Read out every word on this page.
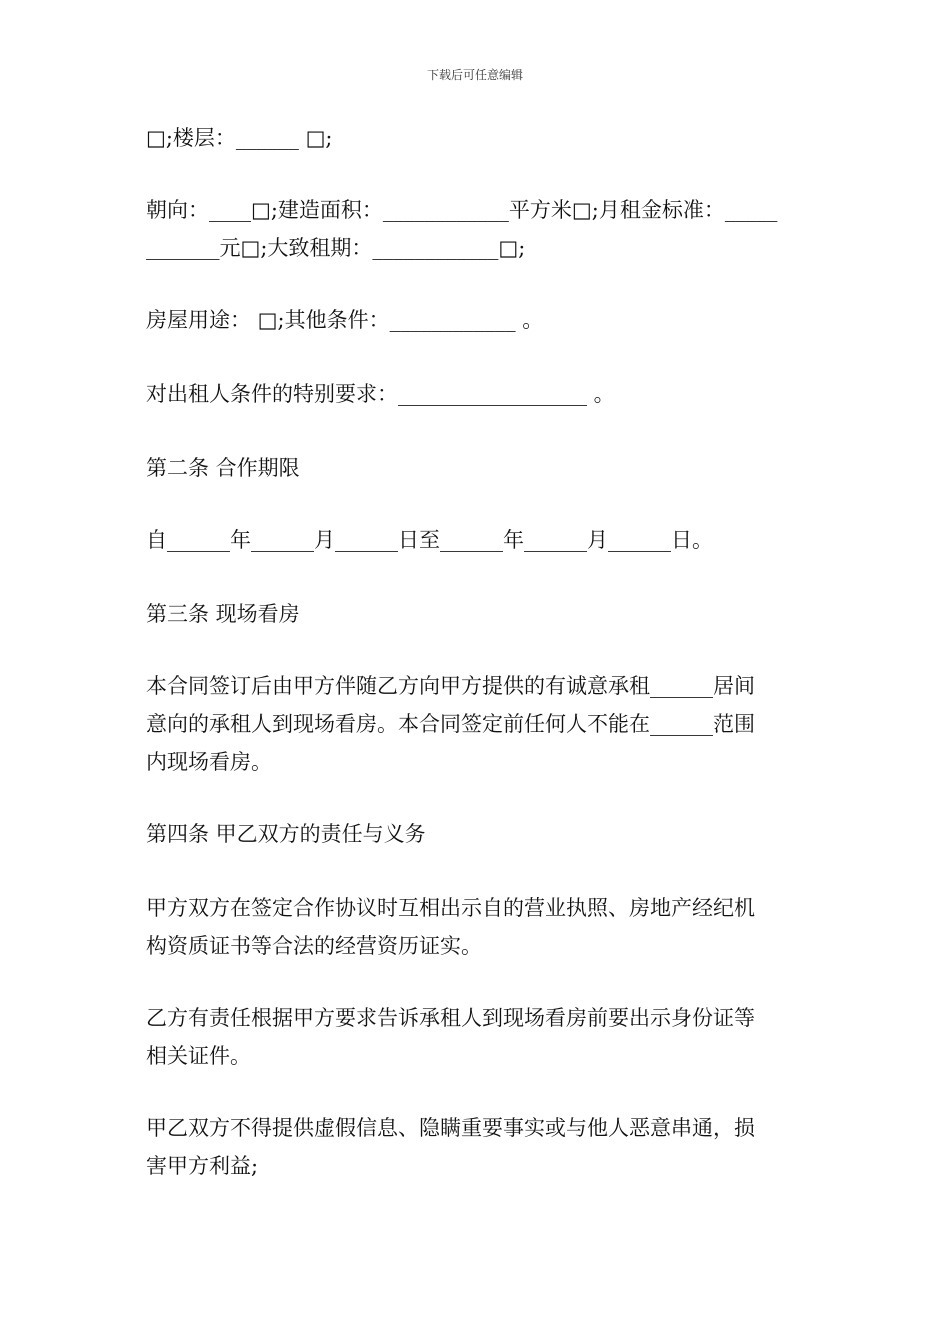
下载后可任意编辑
□;楼层：______ □;
朝向：____□;建造面积：____________平方米□;月租金标准：_____
_______元□;大致租期：____________□;
房屋用途： □;其他条件：____________ 。
对出租人条件的特别要求：__________________ 。
第二条 合作期限
自______年______月______日至______年______月______日。
第三条 现场看房
本合同签订后由甲方伴随乙方向甲方提供的有诚意承租______居间
意向的承租人到现场看房。本合同签定前任何人不能在______范围
内现场看房。
第四条 甲乙双方的责任与义务
甲方双方在签定合作协议时互相出示自的营业执照、房地产经纪机
构资质证书等合法的经营资历证实。
乙方有责任根据甲方要求告诉承租人到现场看房前要出示身份证等
相关证件。
甲乙双方不得提供虚假信息、隐瞒重要事实或与他人恶意串通，损
害甲方利益;
